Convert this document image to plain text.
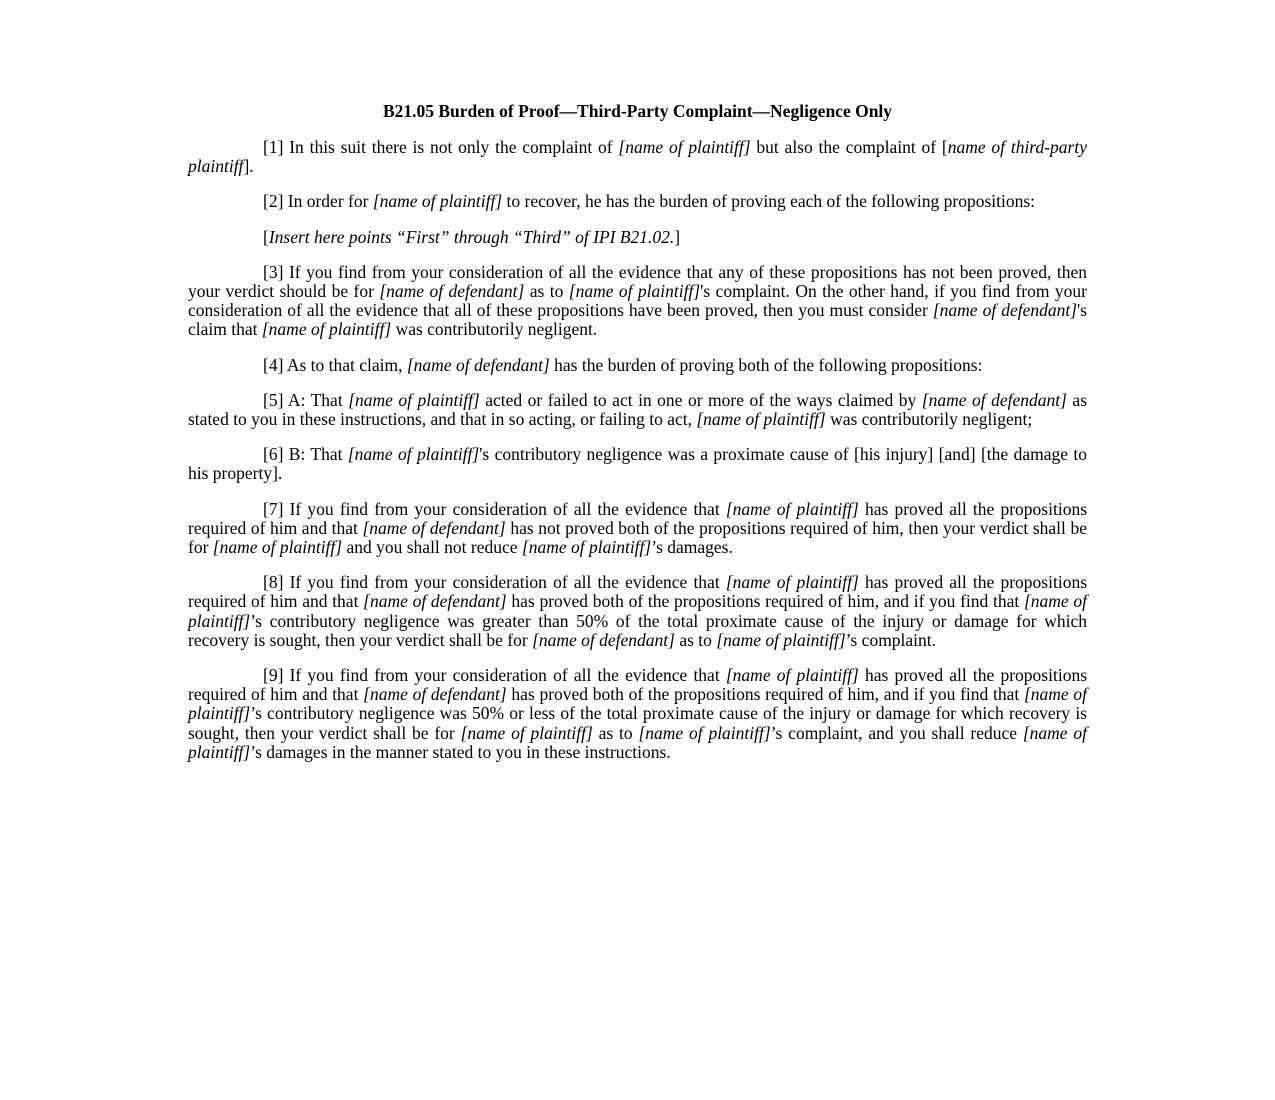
B21.05 Burden of Proof—Third-Party Complaint—Negligence Only

[1] In this suit there is not only the complaint of [name of plaintiff] but also the complaint of [name of third-party plaintiff].

[2] In order for [name of plaintiff] to recover, he has the burden of proving each of the following propositions:

[Insert here points “First” through “Third” of IPI B21.02.]

[3] If you find from your consideration of all the evidence that any of these propositions has not been proved, then your verdict should be for [name of defendant] as to [name of plaintiff]'s complaint. On the other hand, if you find from your consideration of all the evidence that all of these propositions have been proved, then you must consider [name of defendant]'s claim that [name of plaintiff] was contributorily negligent.

[4] As to that claim, [name of defendant] has the burden of proving both of the following propositions:

[5] A: That [name of plaintiff] acted or failed to act in one or more of the ways claimed by [name of defendant] as stated to you in these instructions, and that in so acting, or failing to act, [name of plaintiff] was contributorily negligent;

[6] B: That [name of plaintiff]'s contributory negligence was a proximate cause of [his injury] [and] [the damage to his property].

[7] If you find from your consideration of all the evidence that [name of plaintiff] has proved all the propositions required of him and that [name of defendant] has not proved both of the propositions required of him, then your verdict shall be for [name of plaintiff] and you shall not reduce [name of plaintiff]’s damages.

[8] If you find from your consideration of all the evidence that [name of plaintiff] has proved all the propositions required of him and that [name of defendant] has proved both of the propositions required of him, and if you find that [name of plaintiff]’s contributory negligence was greater than 50% of the total proximate cause of the injury or damage for which recovery is sought, then your verdict shall be for [name of defendant] as to [name of plaintiff]’s complaint.

[9] If you find from your consideration of all the evidence that [name of plaintiff] has proved all the propositions required of him and that [name of defendant] has proved both of the propositions required of him, and if you find that [name of plaintiff]’s contributory negligence was 50% or less of the total proximate cause of the injury or damage for which recovery is sought, then your verdict shall be for [name of plaintiff] as to [name of plaintiff]’s complaint, and you shall reduce [name of plaintiff]’s damages in the manner stated to you in these instructions.
